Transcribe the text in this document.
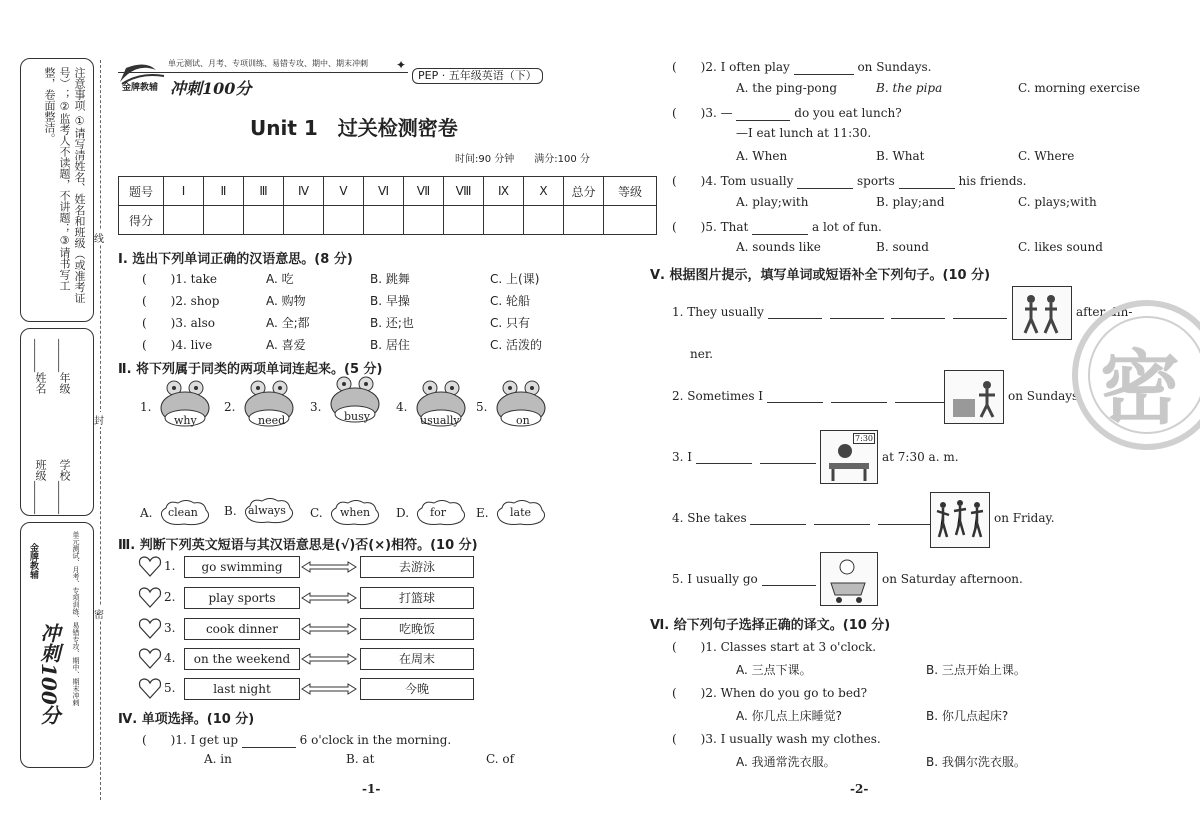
注意事项 ①请写清姓名、姓名和班级（或准考证号）；②监考人不读题，不讲题；③请书写工整，卷面整洁。
学校______
______年级
班级______
______姓名
冲刺100分 单元测试、月考、专项训练、易错专攻、期中、期末冲刺
金牌教辅
线
封
密
金牌教辅
单元测试、月考、专项训练、易错专攻、期中、期末冲刺
冲刺100分
✦
PEP · 五年级英语（下）
Unit 1　过关检测密卷
时间:90 分钟　　满分:100 分
题号	Ⅰ	Ⅱ	Ⅲ	Ⅳ	Ⅴ	Ⅵ	Ⅶ	Ⅷ	Ⅸ	Ⅹ	总分	等级
得分												
Ⅰ. 选出下列单词正确的汉语意思。(8 分)
(　　)1. take	A. 吃	B. 跳舞	C. 上(课)
(　　)2. shop	A. 购物	B. 早操	C. 轮船
(　　)3. also	A. 全;都	B. 还;也	C. 只有
(　　)4. live	A. 喜爱	B. 居住	C. 活泼的
Ⅱ. 将下列属于同类的两项单词连起来。(5 分)
1.
why
2.
need
3.
busy
4.
usually
5.
on
A. clean B. always C. when D. for	E. late
Ⅲ. 判断下列英文短语与其汉语意思是(√)否(×)相符。(10 分)
1.	go swimming	去游泳
2.	play sports	打篮球
3.	cook dinner	吃晚饭
4.	on the weekend	在周末
5.	last night	今晚
Ⅳ. 单项选择。(10 分)
(　　)1. I get up	6 o'clock in the morning.
A. in	B. at	C. of
-1-
(　　)2. I often play	on Sundays.
A. the ping-pong	B. the pipa	C. morning exercise
(　　)3. —	do you eat lunch?
—I eat lunch at 11:30.
A. When	B. What	C. Where
(　　)4. Tom usually	sports	his friends.
A. play;with	B. play;and	C. plays;with
(　　)5. That	a lot of fun.
A. sounds like	B. sound	C. likes sound
Ⅴ. 根据图片提示，填写单词或短语补全下列句子。(10 分)
1. They usually	after din-
ner.
2. Sometimes I	on Sundays.
3. I
7:30
at 7:30 a. m.
4. She takes	on Friday.
5. I usually go	on Saturday afternoon.
Ⅵ. 给下列句子选择正确的译文。(10 分)
(　　)1. Classes start at 3 o'clock.
A. 三点下课。	B. 三点开始上课。
(　　)2. When do you go to bed?
A. 你几点上床睡觉?	B. 你几点起床?
(　　)3. I usually wash my clothes.
A. 我通常洗衣服。	B. 我偶尔洗衣服。
-2-
密
